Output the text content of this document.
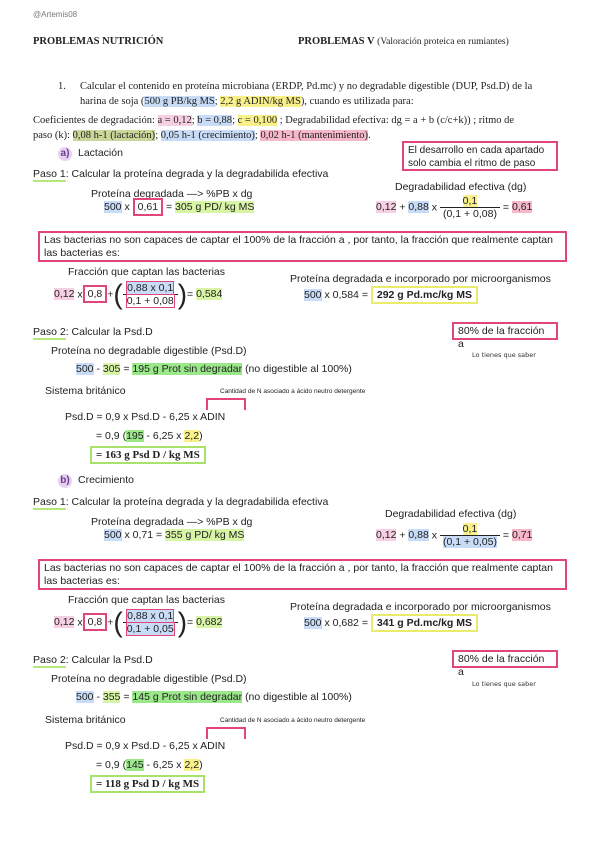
@Artemis08
PROBLEMAS NUTRICIÓN	PROBLEMAS V (Valoración proteica en rumiantes)
1. Calcular el contenido en proteína microbiana (ERDP, Pd.mc) y no degradable digestible (DUP, Psd.D) de la
harina de soja (500 g PB/kg MS; 2,2 g ADIN/kg MS), cuando es utilizada para:
Coeficientes de degradación: a = 0,12; b = 0,88; c = 0,100 ; Degradabilidad efectiva: dg = a + b (c/c+k)) ; ritmo de
paso (k): 0,08 h-1 (lactación); 0,05 h-1 (crecimiento); 0,02 h-1 (mantenimiento).
El desarrollo en cada apartado
solo cambia el ritmo de paso
a) Lactación
Paso 1: Calcular la proteína degrada y la degradabilida efectiva
Proteína degradada —> %PB x dg
500 x 0,61 = 305 g PD/ kg MS
Degradabilidad efectiva (dg)
0,12 + 0,88 x $\frac{0,1}{(0,1 + 0,08)} = 0,61$
Las bacterias no son capaces de captar el 100% de la fracción a , por tanto, la fracción que realmente captan las bacterias es:
Fracción que captan las bacterias
0,12 x 0,8 +( $\frac{0,88 x 0,1}{0,1 + 0,08}$ )= 0,584
Proteína degradada e incorporado por microorganismos
500 x 0,584 = 292 g Pd.mc/kg MS
Paso 2: Calcular la Psd.D	80% de la fracción a
Lo tienes que saber
Proteína no degradable digestible (Psd.D)
500 - 305 = 195 g Prot sin degradar (no digestible al 100%)
Sistema británico	Cantidad de N asociado a ácido neutro detergente
Psd.D = 0,9 x Psd.D - 6,25 x ADIN
= 0,9 (195 - 6,25 x 2,2)
= 163 g Psd D / kg MS
b) Crecimiento
Paso 1: Calcular la proteína degrada y la degradabilida efectiva
Proteína degradada —> %PB x dg
500 x 0,71 = 355 g PD/ kg MS
Degradabilidad efectiva (dg)
0,12 + 0,88 x $\frac{0,1}{(0,1 + 0,05)} = 0,71$
Las bacterias no son capaces de captar el 100% de la fracción a , por tanto, la fracción que realmente captan las bacterias es:
Fracción que captan las bacterias
0,12 x 0,8 +( $\frac{0,88 x 0,1}{0,1 + 0,05}$ )= 0,682
Proteína degradada e incorporado por microorganismos
500 x 0,682 = 341 g Pd.mc/kg MS
Paso 2: Calcular la Psd.D	80% de la fracción a
Lo tienes que saber
Proteína no degradable digestible (Psd.D)
500 - 355 = 145 g Prot sin degradar (no digestible al 100%)
Sistema británico	Cantidad de N asociado a ácido neutro detergente
Psd.D = 0,9 x Psd.D - 6,25 x ADIN
= 0,9 (145 - 6,25 x 2,2)
= 118 g Psd D / kg MS
